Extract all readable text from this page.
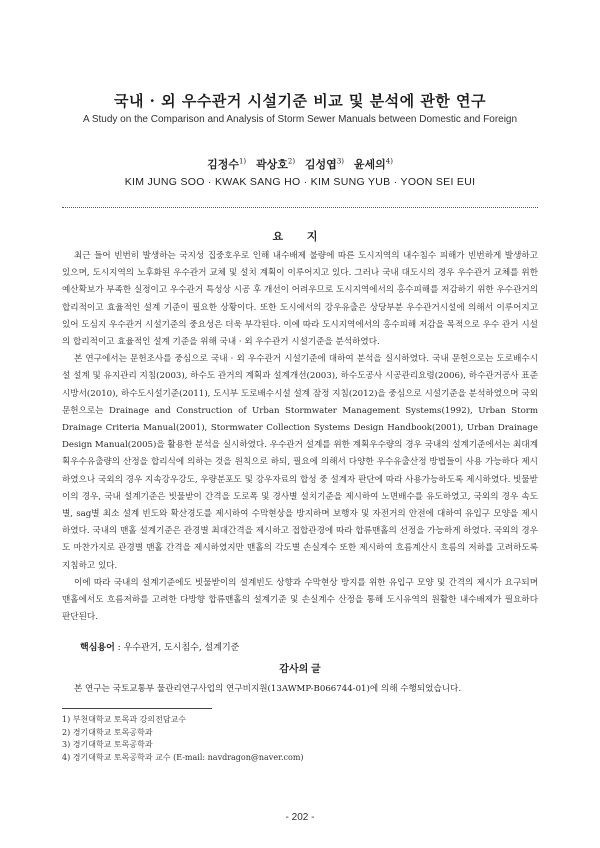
국내 · 외 우수관거 시설기준 비교 및 분석에 관한 연구
A Study on the Comparison and Analysis of Storm Sewer Manuals between Domestic and Foreign
김정수$^{1)}$ 곽상호$^{2)}$ 김성엽$^{3)}$ 윤세의$^{4)}$
KIM JUNG SOO · KWAK SANG HO · KIM SUNG YUB · YOON SEI EUI
요 지

최근 들어 빈번히 발생하는 국지성 집중호우로 인해 내수배제 불량에 따른 도시지역의 내수침수 피해가 빈번하게 발생하고 있으며, 도시지역의 노후화된 우수관거 교체 및 설치 계획이 이루어지고 있다. 그러나 국내 대도시의 경우 우수관거 교체를 위한 예산확보가 부족한 실정이고 우수관거 특성상 시공 후 개선이 어려우므로 도시지역에서의 홍수피해를 저감하기 위한 우수관거의 합리적이고 효율적인 설계 기준이 필요한 상황이다. 또한 도시에서의 강우유출은 상당부분 우수관거시설에 의해서 이루어지고 있어 도심지 우수관거 시설기준의 중요성은 더욱 부각된다. 이에 따라 도시지역에서의 홍수피해 저감을 목적으로 우수 관거 시설의 합리적이고 효율적인 설계 기준을 위해 국내 · 외 우수관거 시설기준을 분석하였다.

본 연구에서는 문헌조사를 중심으로 국내 · 외 우수관거 시설기준에 대하여 분석을 실시하였다. 국내 문헌으로는 도로배수시설 설계 및 유지관리 지침(2003), 하수도 관거의 계획과 설계개선(2003), 하수도공사 시공관리요령(2006), 하수관거공사 표준시방서(2010), 하수도시설기준(2011), 도시부 도로배수시설 설계 잠정 지침(2012)을 중심으로 시설기준을 분석하였으며 국외 문헌으로는 Drainage and Construction of Urban Stormwater Management Systems(1992), Urban Storm Drainage Criteria Manual(2001), Stormwater Collection Systems Design Handbook(2001), Urban Drainage Design Manual(2005)을 활용한 분석을 실시하였다. 우수관거 설계를 위한 계획우수량의 경우 국내의 설계기준에서는 최대계획우수유출량의 산정을 합리식에 의하는 것을 원칙으로 하되, 필요에 의해서 다양한 우수유출산정 방법들이 사용 가능하다 제시하였으나 국외의 경우 지속강우강도, 우량분포도 및 강우자료의 합성 중 설계자 판단에 따라 사용가능하도록 제시하였다. 빗물받이의 경우, 국내 설계기준은 빗물받이 간격을 도로폭 및 경사별 설치기준을 제시하여 노면배수를 유도하였고, 국외의 경우 속도별, sag별 최소 설계 빈도와 확산경도를 제시하여 수막현상을 방지하며 보행자 및 자전거의 안전에 대하여 유입구 모양을 제시하였다. 국내의 맨홀 설계기준은 관경별 최대간격을 제시하고 접합관경에 따라 합류맨홀의 선정을 가능하게 하였다. 국외의 경우도 마찬가지로 관경별 맨홀 간격을 제시하였지만 맨홀의 각도별 손실계수 또한 제시하여 흐름계산시 흐름의 저하를 고려하도록 지침하고 있다.

이에 따라 국내의 설계기준에도 빗물받이의 설계빈도 상향과 수막현상 방지를 위한 유입구 모양 및 간격의 제시가 요구되며 맨홀에서도 흐름저하를 고려한 다방향 합류맨홀의 설계기준 및 손실계수 산정을 통해 도시유역의 원활한 내수배제가 필요하다 판단된다.

핵심용어 : 우수관거, 도시침수, 설계기준
감사의 글
본 연구는 국토교통부 물관리연구사업의 연구비지원(13AWMP-B066744-01)에 의해 수행되었습니다.
1) 부천대학교 토목과 강의전담교수
2) 경기대학교 토목공학과
3) 경기대학교 토목공학과
4) 경기대학교 토목공학과 교수 (E-mail: navdragon@naver.com)
- 202 -
